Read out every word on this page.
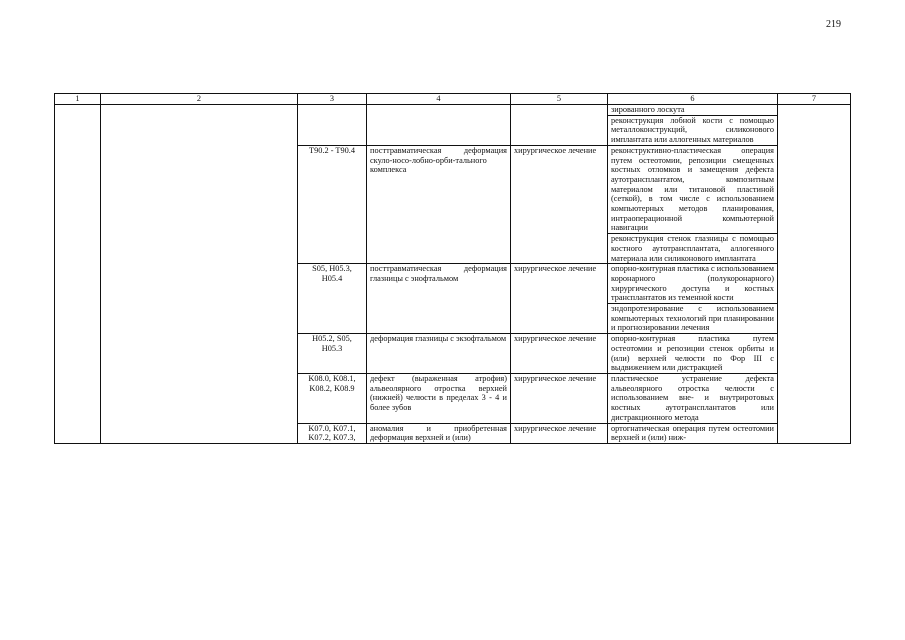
219
1	2	3	4	5	6	7
					зированного лоскута	
					реконструкция лобной кости с помощью металлоконструкций, силиконового имплантата или аллогенных материалов	
		T90.2 - T90.4	посттравматическая деформация скуло-носо-лобно-орби-тального комплекса	хирургическое лечение	реконструктивно-пластическая операция путем остеотомии, репозиции смещенных костных отломков и замещения дефекта аутотрансплантатом, композитным материалом или титановой пластиной (сеткой), в том числе с использованием компьютерных методов планирования, интраоперационной компьютерной навигации	
					реконструкция стенок глазницы с помощью костного аутотрансплантата, аллогенного материала или силиконового имплантата	
		S05, H05.3, H05.4	посттравматическая деформация глазницы с энофтальмом	хирургическое лечение	опорно-контурная пластика с использованием коронарного (полукоронарного) хирургического доступа и костных трансплантатов из теменной кости	
					эндопротезирование с использованием компьютерных технологий при планировании и прогнозировании лечения	
		H05.2, S05, H05.3	деформация глазницы с экзофтальмом	хирургическое лечение	опорно-контурная пластика путем остеотомии и репозиции стенок орбиты и (или) верхней челюсти по Фор III с выдвижением или дистракцией	
		K08.0, K08.1, K08.2, K08.9	дефект (выраженная атрофия) альвеолярного отростка верхней (нижней) челюсти в пределах 3 - 4 и более зубов	хирургическое лечение	пластическое устранение дефекта альвеолярного отростка челюсти с использованием вне- и внутриротовых костных аутотрансплантатов или дистракционного метода	
		K07.0, K07.1, K07.2, K07.3,	аномалия и приобретенная деформация верхней и (или)	хирургическое лечение	ортогнатическая операция путем остеотомии верхней и (или) ниж-	
